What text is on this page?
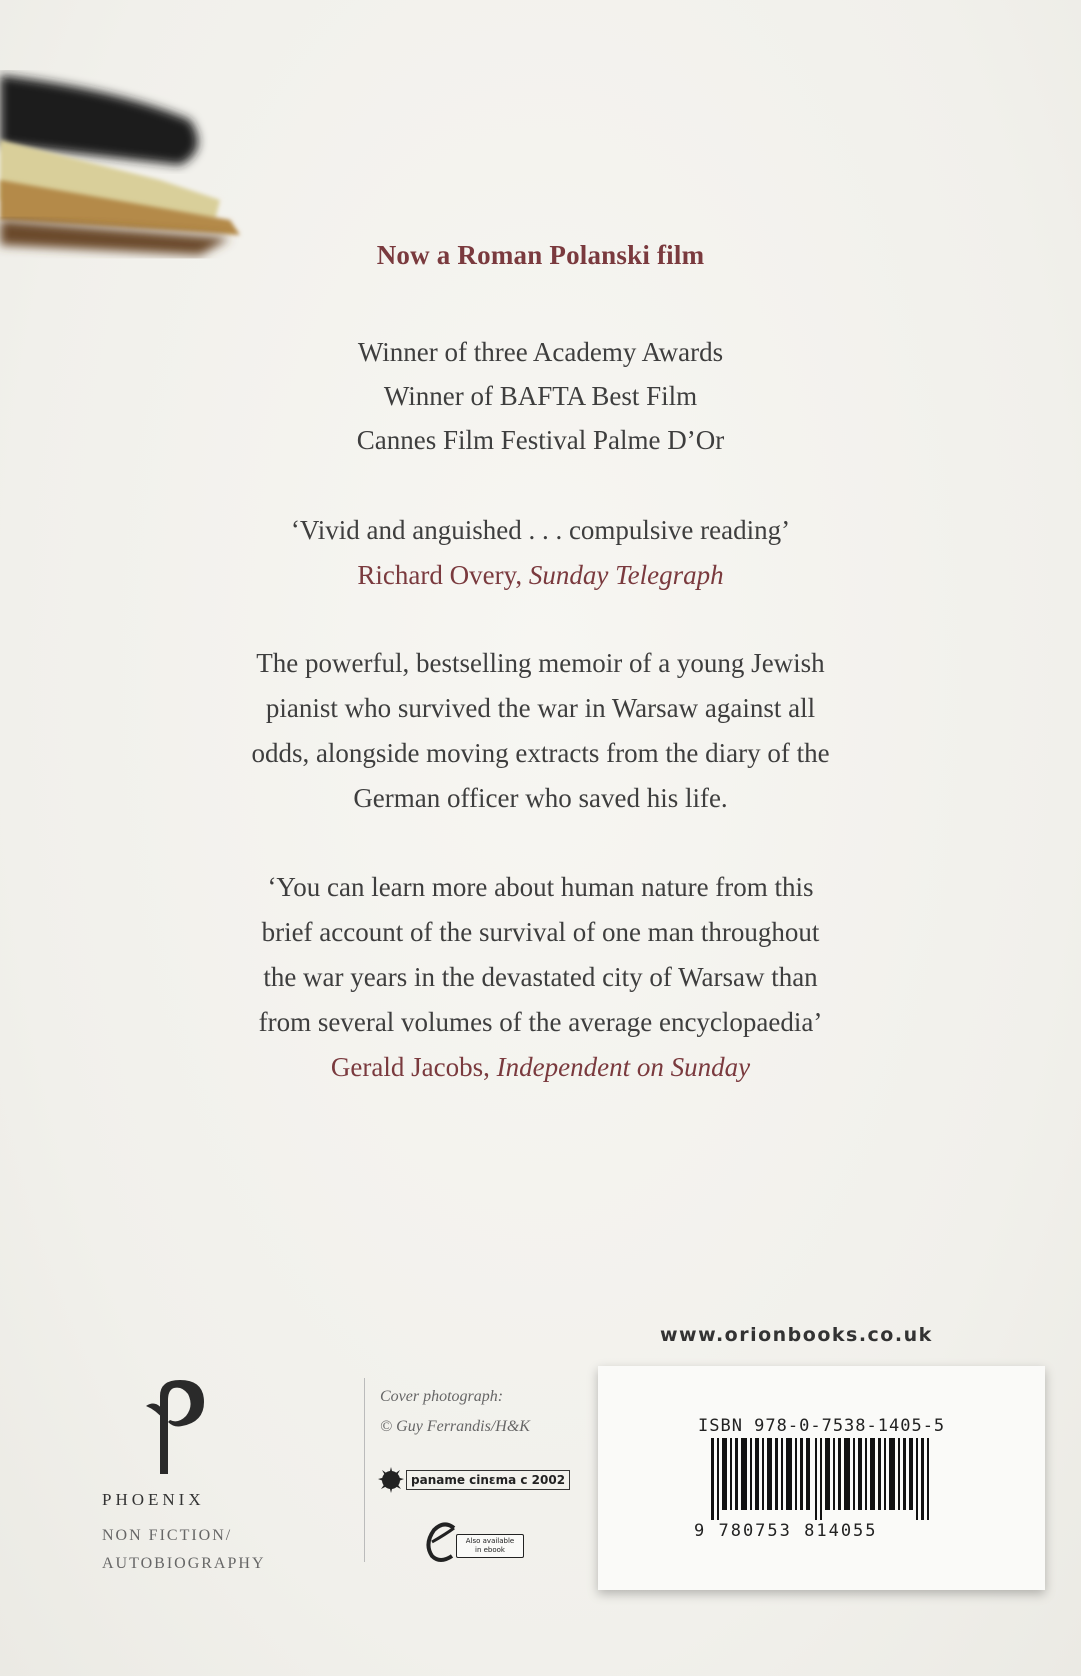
Now a Roman Polanski film
Winner of three Academy Awards
Winner of BAFTA Best Film
Cannes Film Festival Palme D’Or
‘Vivid and anguished . . . compulsive reading’
Richard Overy, Sunday Telegraph
The powerful, bestselling memoir of a young Jewish
pianist who survived the war in Warsaw against all
odds, alongside moving extracts from the diary of the
German officer who saved his life.
‘You can learn more about human nature from this
brief account of the survival of one man throughout
the war years in the devastated city of Warsaw than
from several volumes of the average encyclopaedia’
Gerald Jacobs, Independent on Sunday
www.orionbooks.co.uk
PHOENIX
NON FICTION/
AUTOBIOGRAPHY
Cover photograph:
© Guy Ferrandis/H&K
paname cinεma c 2002
Also available in ebook
ISBN 978-0-7538-1405-5
9 780753 814055
